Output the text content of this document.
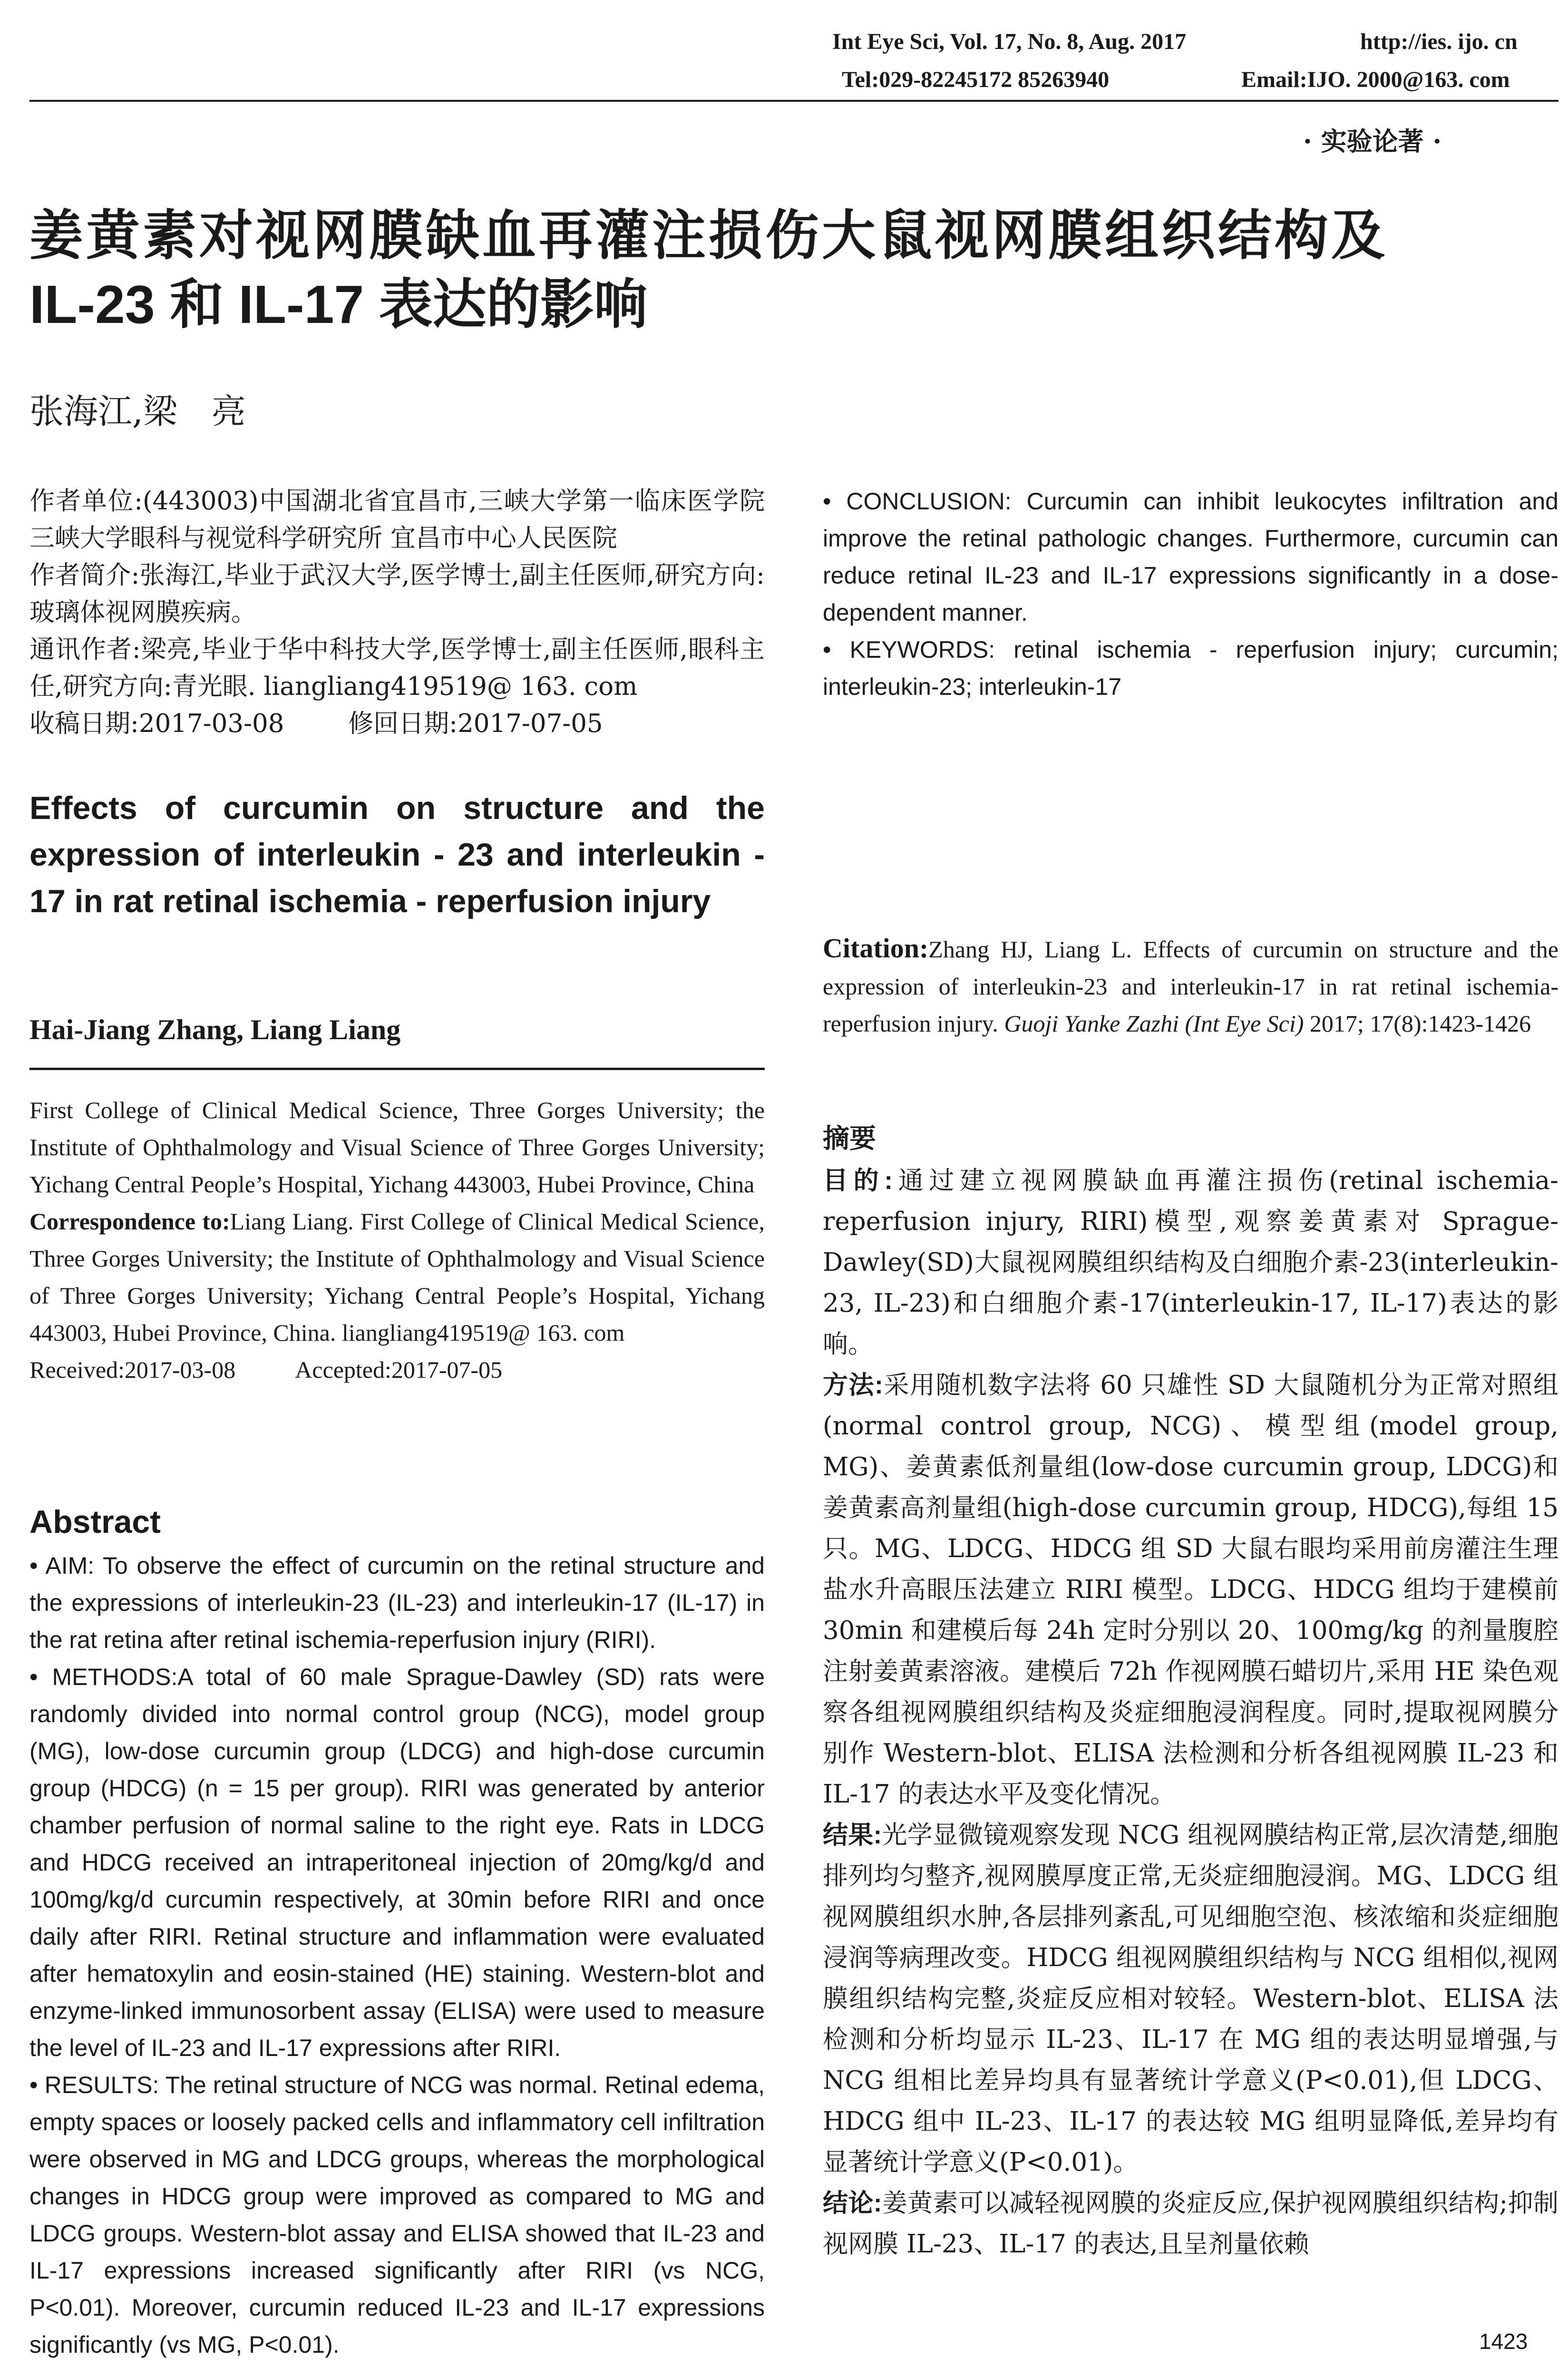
Int Eye Sci, Vol. 17, No. 8, Aug. 2017	http://ies. ijo. cn
Tel:029-82245172 85263940	Email:IJO. 2000@163. com
· 实验论著 ·
姜黄素对视网膜缺血再灌注损伤大鼠视网膜组织结构及
IL-23 和 IL-17 表达的影响
张海江,梁　亮
作者单位:(443003)中国湖北省宜昌市,三峡大学第一临床医学院 三峡大学眼科与视觉科学研究所 宜昌市中心人民医院
作者简介:张海江,毕业于武汉大学,医学博士,副主任医师,研究方向:玻璃体视网膜疾病。
通讯作者:梁亮,毕业于华中科技大学,医学博士,副主任医师,眼科主任,研究方向:青光眼. liangliang419519@ 163. com
收稿日期:2017-03-08	修回日期:2017-07-05
Effects of curcumin on structure and the expression of interleukin - 23 and interleukin - 17 in rat retinal ischemia - reperfusion injury
Hai-Jiang Zhang, Liang Liang
First College of Clinical Medical Science, Three Gorges University; the Institute of Ophthalmology and Visual Science of Three Gorges University; Yichang Central People’s Hospital, Yichang 443003, Hubei Province, China
Correspondence to:Liang Liang. First College of Clinical Medical Science, Three Gorges University; the Institute of Ophthalmology and Visual Science of Three Gorges University; Yichang Central People’s Hospital, Yichang 443003, Hubei Province, China. liangliang419519@ 163. com
Received:2017-03-08	Accepted:2017-07-05
Abstract
• AIM: To observe the effect of curcumin on the retinal structure and the expressions of interleukin-23 (IL-23) and interleukin-17 (IL-17) in the rat retina after retinal ischemia-reperfusion injury (RIRI).
• METHODS:A total of 60 male Sprague-Dawley (SD) rats were randomly divided into normal control group (NCG), model group (MG), low-dose curcumin group (LDCG) and high-dose curcumin group (HDCG) (n = 15 per group). RIRI was generated by anterior chamber perfusion of normal saline to the right eye. Rats in LDCG and HDCG received an intraperitoneal injection of 20mg/kg/d and 100mg/kg/d curcumin respectively, at 30min before RIRI and once daily after RIRI. Retinal structure and inflammation were evaluated after hematoxylin and eosin-stained (HE) staining. Western-blot and enzyme-linked immunosorbent assay (ELISA) were used to measure the level of IL-23 and IL-17 expressions after RIRI.
• RESULTS: The retinal structure of NCG was normal. Retinal edema, empty spaces or loosely packed cells and inflammatory cell infiltration were observed in MG and LDCG groups, whereas the morphological changes in HDCG group were improved as compared to MG and LDCG groups. Western-blot assay and ELISA showed that IL-23 and IL-17 expressions increased significantly after RIRI (vs NCG, P<0.01). Moreover, curcumin reduced IL-23 and IL-17 expressions significantly (vs MG, P<0.01).
• CONCLUSION: Curcumin can inhibit leukocytes infiltration and improve the retinal pathologic changes. Furthermore, curcumin can reduce retinal IL-23 and IL-17 expressions significantly in a dose-dependent manner.
• KEYWORDS: retinal ischemia - reperfusion injury; curcumin; interleukin-23; interleukin-17
Citation:Zhang HJ, Liang L. Effects of curcumin on structure and the expression of interleukin-23 and interleukin-17 in rat retinal ischemia-reperfusion injury. Guoji Yanke Zazhi (Int Eye Sci) 2017; 17(8):1423-1426
摘要
目的:通过建立视网膜缺血再灌注损伤(retinal ischemia-reperfusion injury, RIRI)模型,观察姜黄素对 Sprague-Dawley(SD)大鼠视网膜组织结构及白细胞介素-23(interleukin-23, IL-23)和白细胞介素-17(interleukin-17, IL-17)表达的影响。
方法:采用随机数字法将 60 只雄性 SD 大鼠随机分为正常对照组(normal control group, NCG)、模型组(model group, MG)、姜黄素低剂量组(low-dose curcumin group, LDCG)和姜黄素高剂量组(high-dose curcumin group, HDCG),每组 15 只。MG、LDCG、HDCG 组 SD 大鼠右眼均采用前房灌注生理盐水升高眼压法建立 RIRI 模型。LDCG、HDCG 组均于建模前 30min 和建模后每 24h 定时分别以 20、100mg/kg 的剂量腹腔注射姜黄素溶液。建模后 72h 作视网膜石蜡切片,采用 HE 染色观察各组视网膜组织结构及炎症细胞浸润程度。同时,提取视网膜分别作 Western-blot、ELISA 法检测和分析各组视网膜 IL-23 和 IL-17 的表达水平及变化情况。
结果:光学显微镜观察发现 NCG 组视网膜结构正常,层次清楚,细胞排列均匀整齐,视网膜厚度正常,无炎症细胞浸润。MG、LDCG 组视网膜组织水肿,各层排列紊乱,可见细胞空泡、核浓缩和炎症细胞浸润等病理改变。HDCG 组视网膜组织结构与 NCG 组相似,视网膜组织结构完整,炎症反应相对较轻。Western-blot、ELISA 法检测和分析均显示 IL-23、IL-17 在 MG 组的表达明显增强,与 NCG 组相比差异均具有显著统计学意义(P<0.01),但 LDCG、HDCG 组中 IL-23、IL-17 的表达较 MG 组明显降低,差异均有显著统计学意义(P<0.01)。
结论:姜黄素可以减轻视网膜的炎症反应,保护视网膜组织结构;抑制视网膜 IL-23、IL-17 的表达,且呈剂量依赖
1423
